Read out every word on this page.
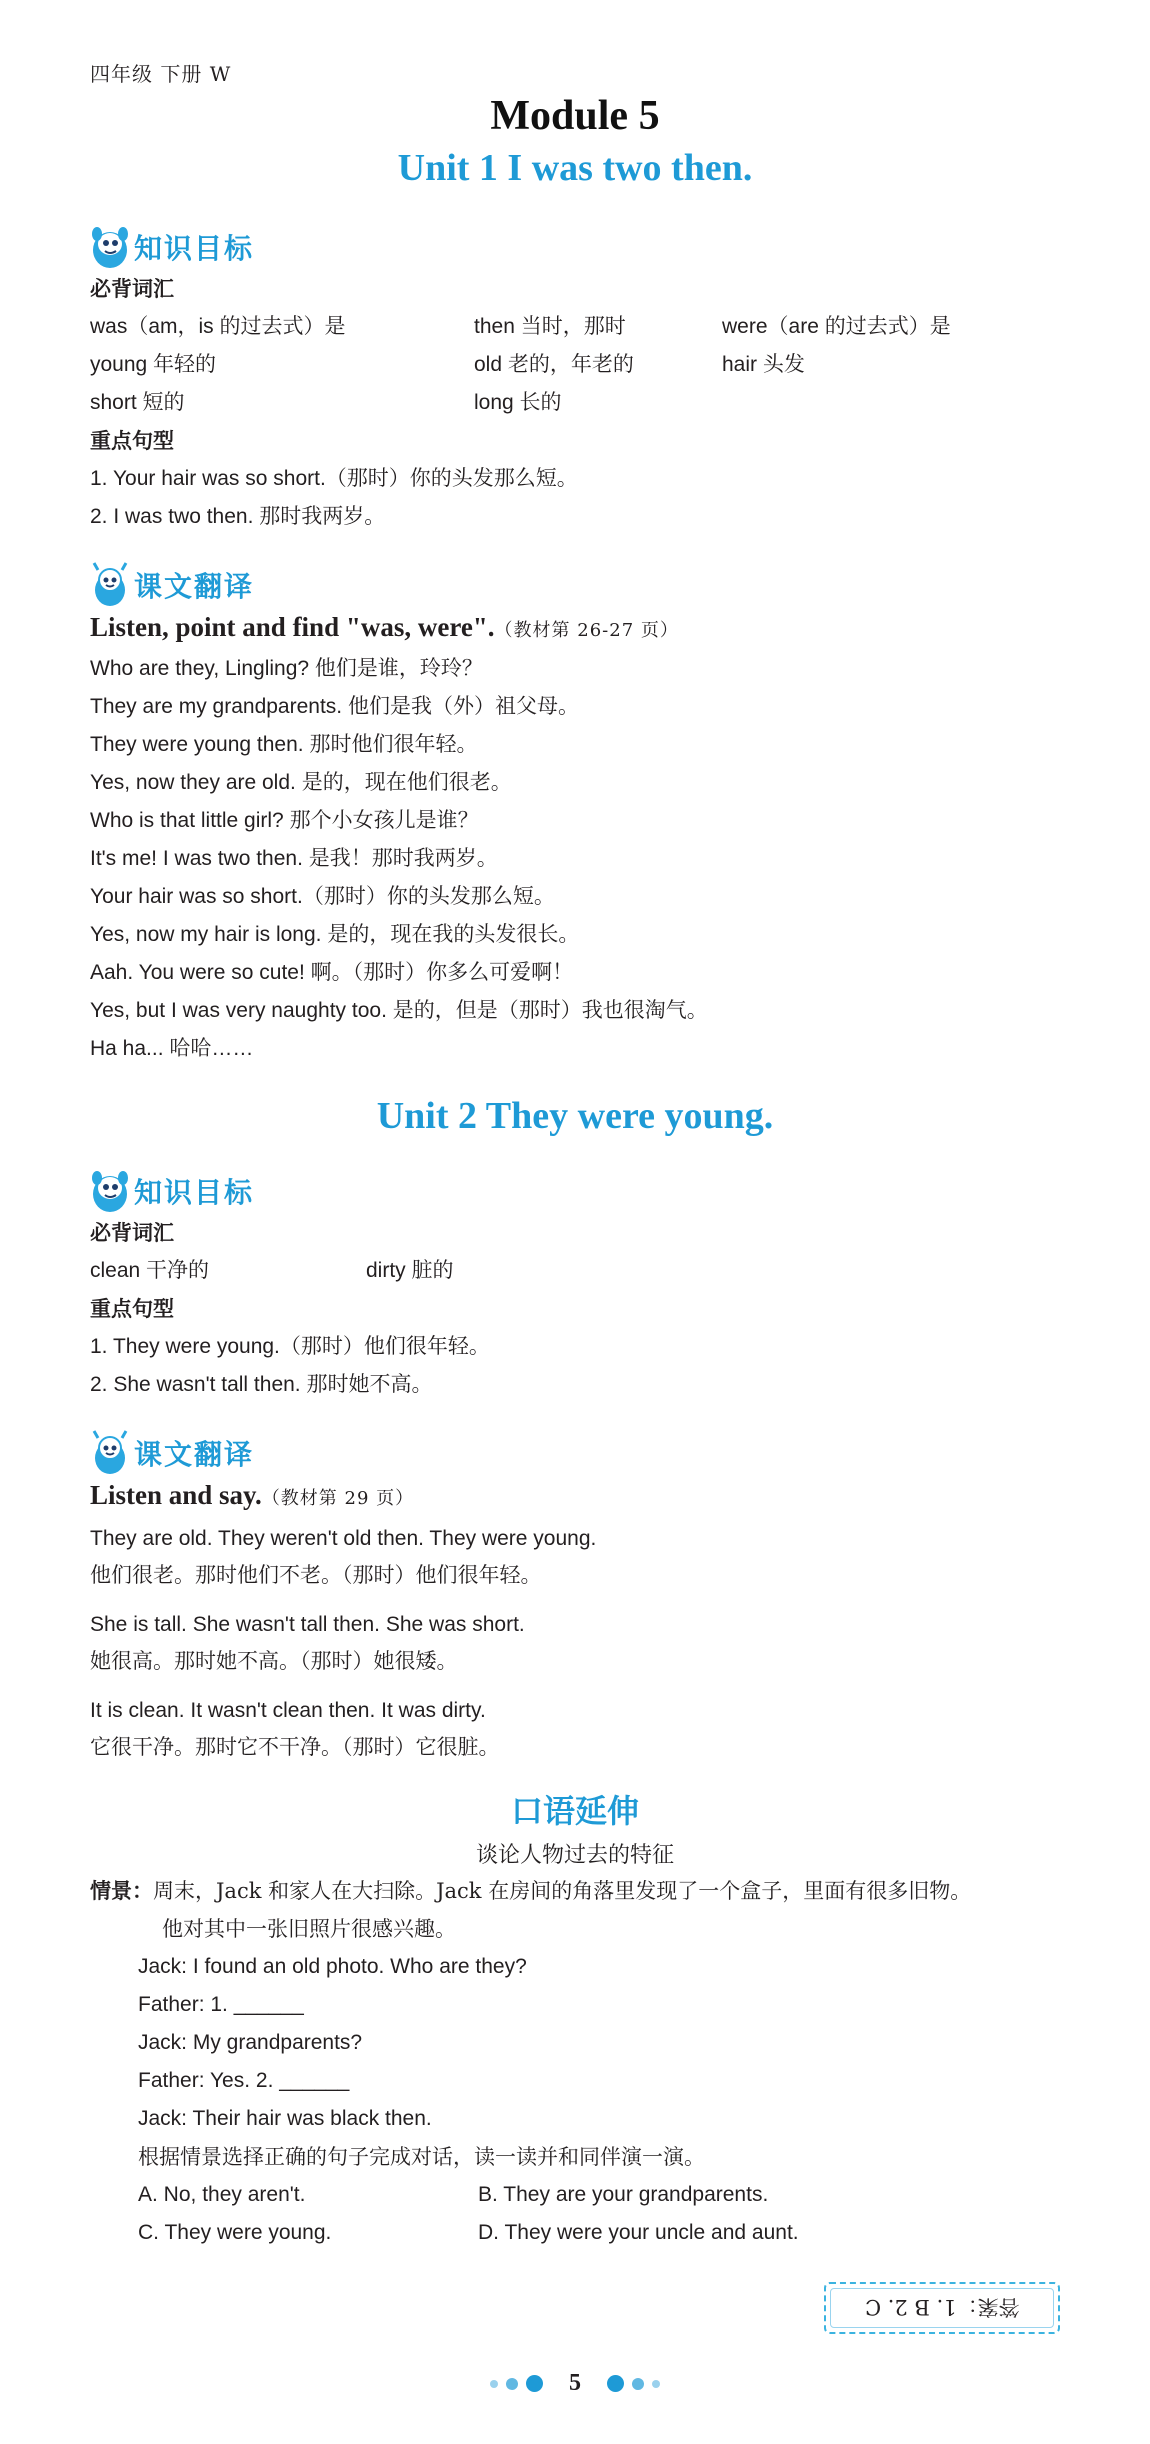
四年级 下册 W
Module 5
Unit 1 I was two then.
知识目标
必背词汇
was（am，is 的过去式）是	then 当时，那时	were（are 的过去式）是
young 年轻的	old 老的，年老的	hair 头发
short 短的	long 长的
重点句型
1. Your hair was so short.（那时）你的头发那么短。
2. I was two then. 那时我两岁。
课文翻译
Listen, point and find "was, were".（教材第 26-27 页）
Who are they, Lingling? 他们是谁，玲玲？
They are my grandparents. 他们是我（外）祖父母。
They were young then. 那时他们很年轻。
Yes, now they are old. 是的，现在他们很老。
Who is that little girl? 那个小女孩儿是谁？
It's me! I was two then. 是我！那时我两岁。
Your hair was so short.（那时）你的头发那么短。
Yes, now my hair is long. 是的，现在我的头发很长。
Aah. You were so cute! 啊。（那时）你多么可爱啊！
Yes, but I was very naughty too. 是的，但是（那时）我也很淘气。
Ha ha... 哈哈……
Unit 2 They were young.
知识目标
必背词汇
clean 干净的	dirty 脏的
重点句型
1. They were young.（那时）他们很年轻。
2. She wasn't tall then. 那时她不高。
课文翻译
Listen and say.（教材第 29 页）
They are old. They weren't old then. They were young.
他们很老。那时他们不老。（那时）他们很年轻。
She is tall. She wasn't tall then. She was short.
她很高。那时她不高。（那时）她很矮。
It is clean. It wasn't clean then. It was dirty.
它很干净。那时它不干净。（那时）它很脏。
口语延伸
谈论人物过去的特征
情景：周末，Jack 和家人在大扫除。Jack 在房间的角落里发现了一个盒子，里面有很多旧物。
他对其中一张旧照片很感兴趣。
Jack: I found an old photo. Who are they?
Father: 1. ______
Jack: My grandparents?
Father: Yes. 2. ______
Jack: Their hair was black then.
根据情景选择正确的句子完成对话，读一读并和同伴演一演。
A. No, they aren't.	B. They are your grandparents.
C. They were young.	D. They were your uncle and aunt.
答案：1. B 2. C
5
